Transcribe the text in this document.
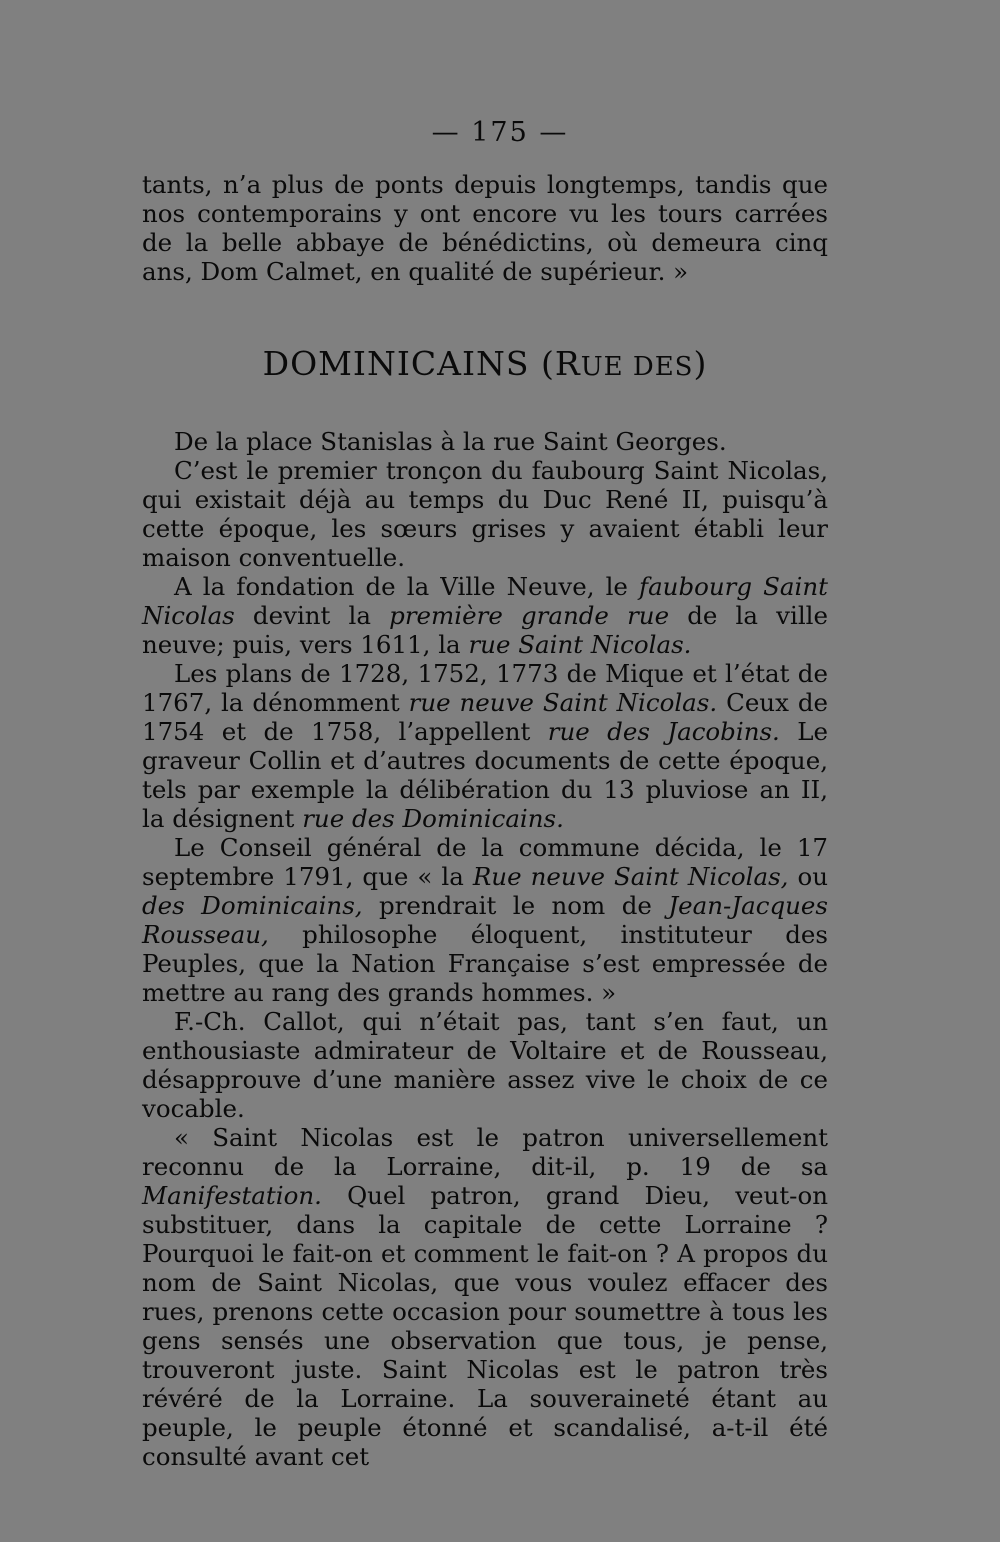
— 175 —

tants, n’a plus de ponts depuis longtemps, tandis que nos contemporains y ont encore vu les tours carrées de la belle abbaye de bénédictins, où demeura cinq ans, Dom Calmet, en qualité de supérieur. »

DOMINICAINS (RUE DES)

De la place Stanislas à la rue Saint Georges.

C’est le premier tronçon du faubourg Saint Nicolas, qui existait déjà au temps du Duc René II, puisqu’à cette époque, les sœurs grises y avaient établi leur maison conventuelle.

A la fondation de la Ville Neuve, le faubourg Saint Nicolas devint la première grande rue de la ville neuve; puis, vers 1611, la rue Saint Nicolas.

Les plans de 1728, 1752, 1773 de Mique et l’état de 1767, la dénomment rue neuve Saint Nicolas. Ceux de 1754 et de 1758, l’appellent rue des Jacobins. Le graveur Collin et d’autres documents de cette époque, tels par exemple la délibération du 13 pluviose an II, la désignent rue des Dominicains.

Le Conseil général de la commune décida, le 17 septembre 1791, que « la Rue neuve Saint Nicolas, ou des Dominicains, prendrait le nom de Jean-Jacques Rousseau, philosophe éloquent, instituteur des Peuples, que la Nation Française s’est empressée de mettre au rang des grands hommes. »

F.-Ch. Callot, qui n’était pas, tant s’en faut, un enthousiaste admirateur de Voltaire et de Rousseau, désapprouve d’une manière assez vive le choix de ce vocable.

« Saint Nicolas est le patron universellement reconnu de la Lorraine, dit-il, p. 19 de sa Manifestation. Quel patron, grand Dieu, veut-on substituer, dans la capitale de cette Lorraine ? Pourquoi le fait-on et comment le fait-on ? A propos du nom de Saint Nicolas, que vous voulez effacer des rues, prenons cette occasion pour soumettre à tous les gens sensés une observation que tous, je pense, trouveront juste. Saint Nicolas est le patron très révéré de la Lorraine. La souveraineté étant au peuple, le peuple étonné et scandalisé, a-t-il été consulté avant cet
